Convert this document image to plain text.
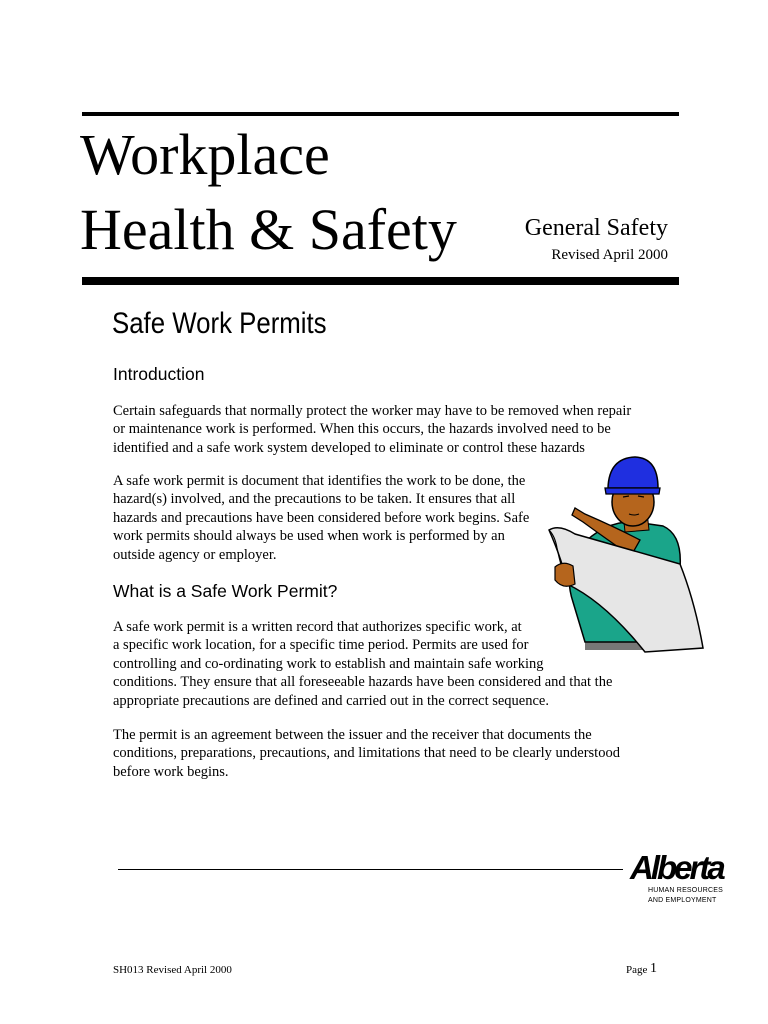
Workplace
Health & Safety	General Safety
Revised April 2000
Safe Work Permits
Introduction

Certain safeguards that normally protect the worker may have to be removed when repair
or maintenance work is performed. When this occurs, the hazards involved need to be
identified and a safe work system developed to eliminate or control these hazards

A safe work permit is document that identifies the work to be done, the
hazard(s) involved, and the precautions to be taken. It ensures that all
hazards and precautions have been considered before work begins. Safe
work permits should always be used when work is performed by an
outside agency or employer.

What is a Safe Work Permit?

A safe work permit is a written record that authorizes specific work, at
a specific work location, for a specific time period. Permits are used for
controlling and co-ordinating work to establish and maintain safe working
conditions. They ensure that all foreseeable hazards have been considered and that the
appropriate precautions are defined and carried out in the correct sequence.

The permit is an agreement between the issuer and the receiver that documents the
conditions, preparations, precautions, and limitations that need to be clearly understood
before work begins.

Alberta
HUMAN RESOURCES
AND EMPLOYMENT
SH013 Revised April 2000	Page 1
